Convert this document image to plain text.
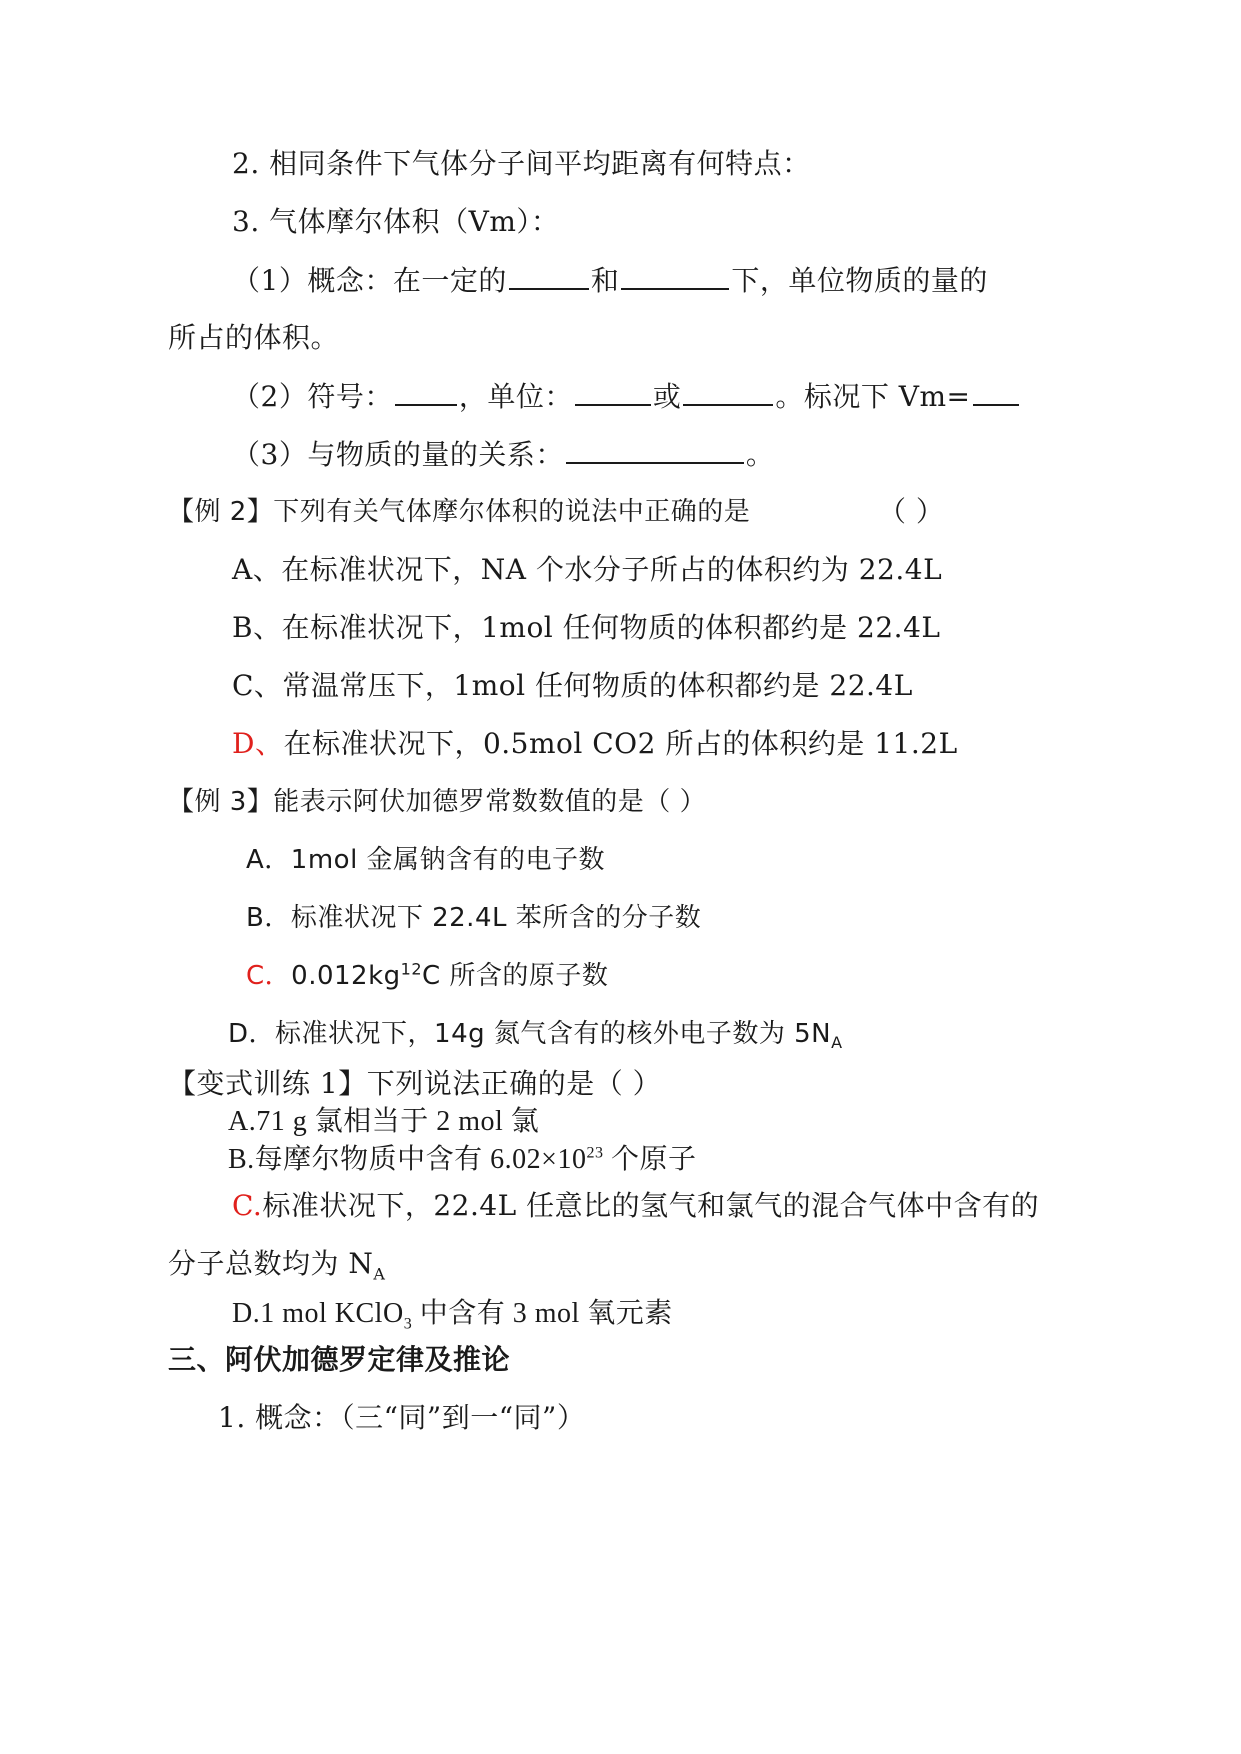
2. 相同条件下气体分子间平均距离有何特点：
3. 气体摩尔体积（Vm）：
（1）概念：在一定的	和	下，单位物质的量的
所占的体积。
（2）符号： ，单位：	或	。标况下 Vm=
（3）与物质的量的关系：	。
【例 2】下列有关气体摩尔体积的说法中正确的是	（ ）
A、在标准状况下，NA 个水分子所占的体积约为 22.4L
B、在标准状况下，1mol 任何物质的体积都约是 22.4L
C、常温常压下，1mol 任何物质的体积都约是 22.4L
D、在标准状况下，0.5mol CO2 所占的体积约是 11.2L
【例 3】能表示阿伏加德罗常数数值的是（ ）
A．1mol 金属钠含有的电子数
B．标准状况下 22.4L 苯所含的分子数
C．$0.012kg^{12}C$ 所含的原子数
D．标准状况下，14g 氮气含有的核外电子数为 $5N_A$
【变式训练 1】下列说法正确的是（ ）
A.71 g 氯相当于 2 mol 氯
B.每摩尔物质中含有 $6.02\times 10^{23}$ 个原子
C.标准状况下，22.4L 任意比的氢气和氯气的混合气体中含有的
分子总数均为 $N_A$
D.1 mol KClO$_3$ 中含有 3 mol 氧元素
三、阿伏加德罗定律及推论
1. 概念：（三“同”到一“同”）
